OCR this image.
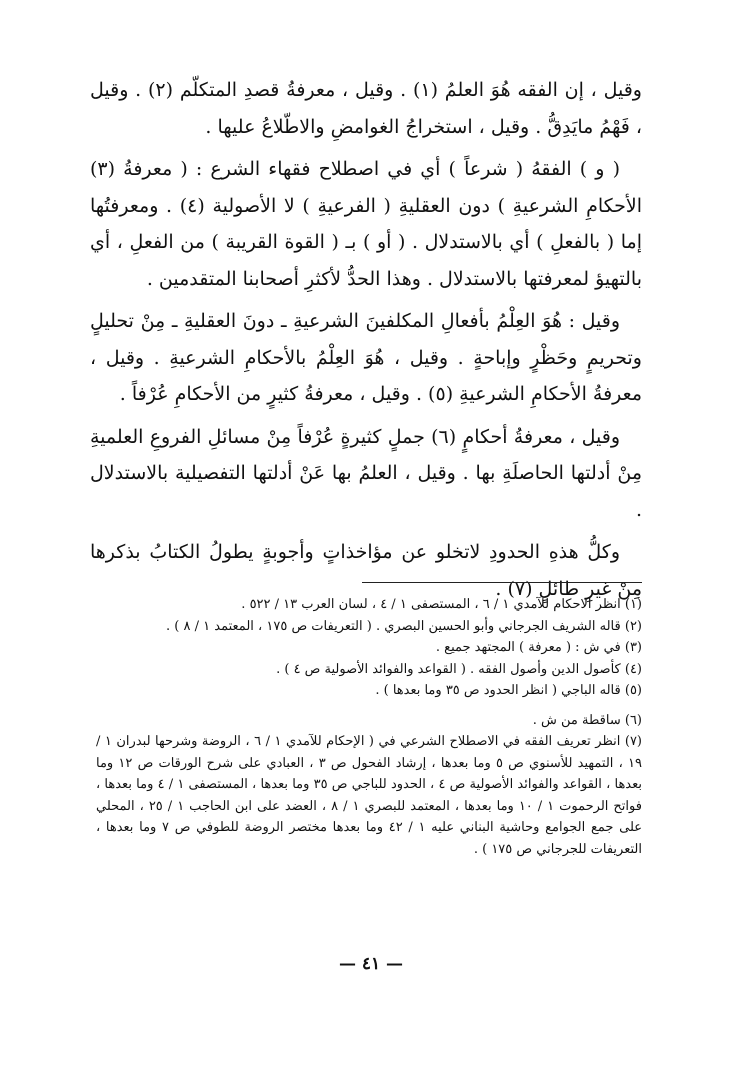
وقيل ، إن الفقه هُوَ العلمُ (١) . وقيل ، معرفةُ قصدِ المتكلّم (٢) . وقيل ، فَهْمُ مايَدِقُّ . وقيل ، استخراجُ الغوامضِ والاطّلاعُ عليها .

( و ) الفقهُ ( شرعاً ) أي في اصطلاح فقهاء الشرع : ( معرفةُ (٣) الأحكامِ الشرعيةِ ) دون العقليةِ ( الفرعيةِ ) لا الأصولية (٤) . ومعرفتُها إما ( بالفعلِ ) أي بالاستدلال . ( أو ) بـ ( القوة القريبة ) من الفعلِ ، أي بالتهيؤ لمعرفتها بالاستدلال . وهذا الحدُّ لأكثرِ أصحابنا المتقدمين .

وقيل : هُوَ العِلْمُ بأفعالِ المكلفينَ الشرعيةِ ـ دونَ العقليةِ ـ مِنْ تحليلٍ وتحريمٍ وحَظْرٍ وإباحةٍ . وقيل ، هُوَ العِلْمُ بالأحكامِ الشرعيةِ . وقيل ، معرفةُ الأحكامِ الشرعيةِ (٥) . وقيل ، معرفةُ كثيرٍ من الأحكامِ عُرْفاً .

وقيل ، معرفةُ أحكامٍ (٦) جملٍ كثيرةٍ عُرْفاً مِنْ مسائلِ الفروعِ العلميةِ مِنْ أدلتها الحاصلَةِ بها . وقيل ، العلمُ بها عَنْ أدلتها التفصيلية بالاستدلال .

وكلُّ هذهِ الحدودِ لاتخلو عن مؤاخذاتٍ وأجوبةٍ يطولُ الكتابُ بذكرها مِنْ غيرِ طائلٍ (٧) .

(١) انظر الاحكام للآمدي ١ / ٦ ، المستصفى ١ / ٤ ، لسان العرب ١٣ / ٥٢٢ .

(٢) قاله الشريف الجرجاني وأبو الحسين البصري . ( التعريفات ص ١٧٥ ، المعتمد ١ / ٨ ) .

(٣) في ش : ( معرفة ) المجتهد جميع .

(٤) كأصول الدين وأصول الفقه . ( القواعد والفوائد الأصولية ص ٤ ) .

(٥) قاله الباجي ( انظر الحدود ص ٣٥ وما بعدها ) .

(٦) ساقطة من ش .

(٧) انظر تعريف الفقه في الاصطلاح الشرعي في ( الإحكام للآمدي ١ / ٦ ، الروضة وشرحها لبدران ١ / ١٩ ، التمهيد للأسنوي ص ٥ وما بعدها ، إرشاد الفحول ص ٣ ، العبادي على شرح الورقات ص ١٢ وما بعدها ، القواعد والفوائد الأصولية ص ٤ ، الحدود للباجي ص ٣٥ وما بعدها ، المستصفى ١ / ٤ وما بعدها ، فواتح الرحموت ١ / ١٠ وما بعدها ، المعتمد للبصري ١ / ٨ ، العضد على ابن الحاجب ١ / ٢٥ ، المحلي على جمع الجوامع وحاشية البناني عليه ١ / ٤٢ وما بعدها مختصر الروضة للطوفي ص ٧ وما بعدها ، التعريفات للجرجاني ص ١٧٥ ) .

— ٤١ —
